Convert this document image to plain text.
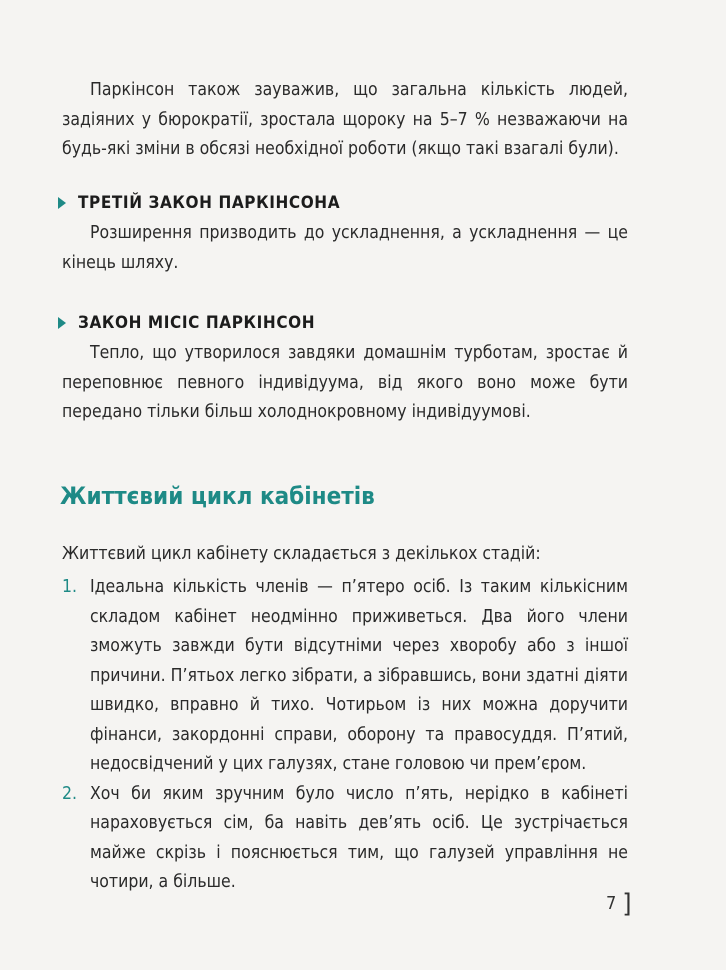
Паркінсон також зауважив, що загальна кількість людей, задіяних у бюрократії, зростала щороку на 5–7 % незважаючи на будь-які зміни в обсязі необхідної роботи (якщо такі взагалі були).
ТРЕТІЙ ЗАКОН ПАРКІНСОНА
Розширення призводить до ускладнення, а ускладнення — це кінець шляху.
ЗАКОН МІСІС ПАРКІНСОН
Тепло, що утворилося завдяки домашнім турботам, зростає й переповнює певного індивідуума, від якого воно може бути передано тільки більш холоднокровному індивідуумові.
Життєвий цикл кабінетів
Життєвий цикл кабінету складається з декількох стадій:
1. Ідеальна кількість членів — п’ятеро осіб. Із таким кількісним складом кабінет неодмінно приживеться. Два його члени зможуть завжди бути відсутніми через хворобу або з іншої причини. П’ятьох легко зібрати, а зібравшись, вони здатні діяти швидко, вправно й тихо. Чотирьом із них можна доручити фінанси, закордонні справи, оборону та правосуддя. П’ятий, недосвідчений у цих галузях, стане головою чи прем’єром.
2. Хоч би яким зручним було число п’ять, нерідко в кабінеті нараховується сім, ба навіть дев’ять осіб. Це зустрічається майже скрізь і пояснюється тим, що галузей управління не чотири, а більше.
7 ]
